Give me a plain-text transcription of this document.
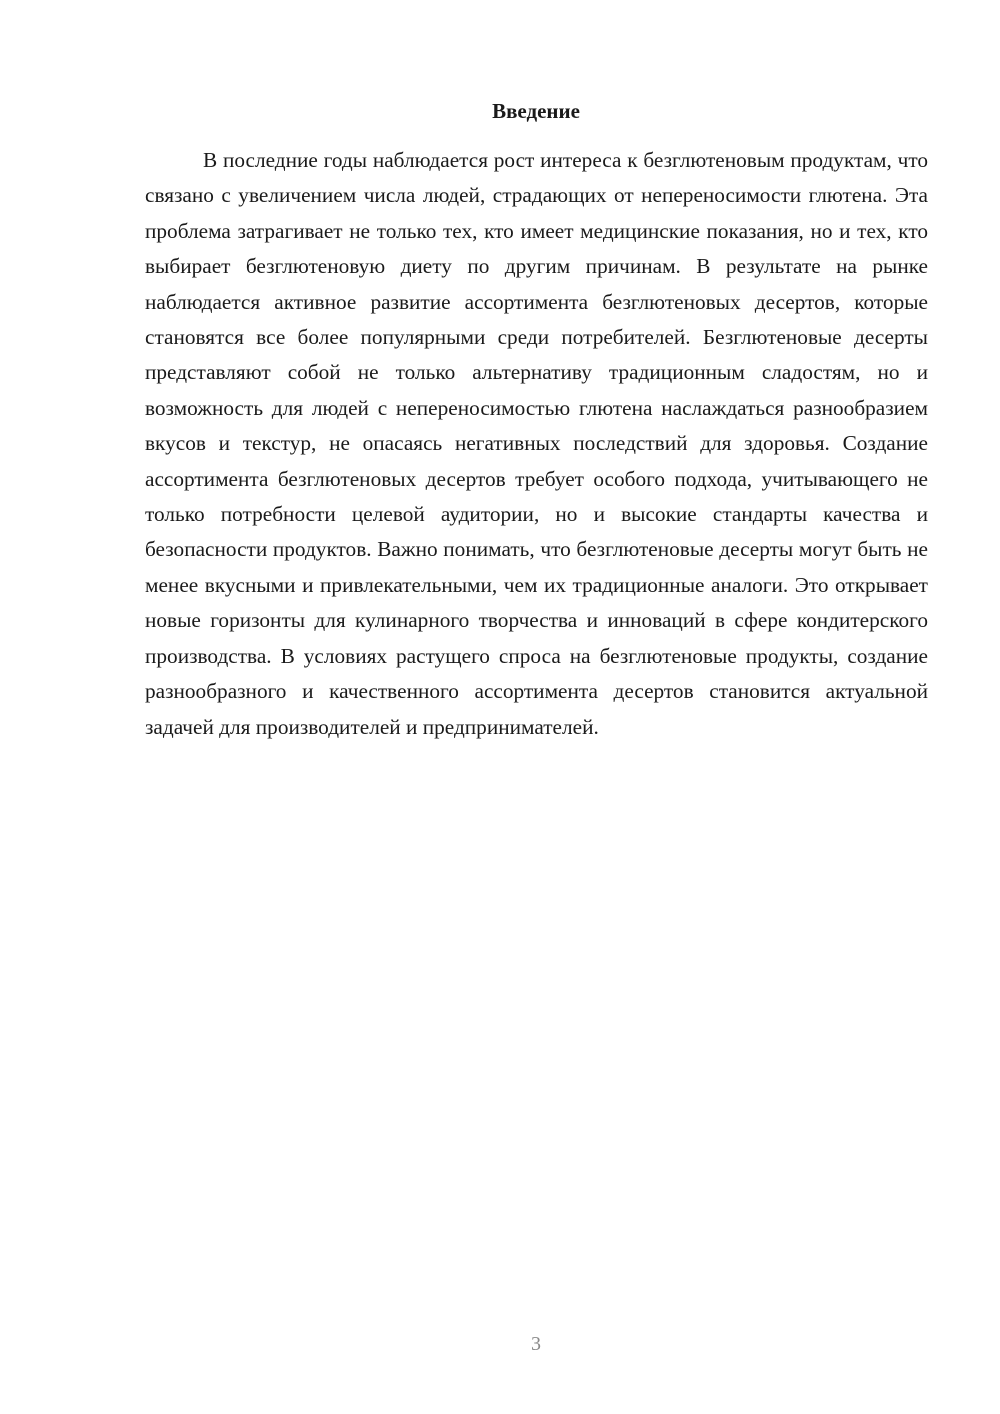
Введение

В последние годы наблюдается рост интереса к безглютеновым продуктам, что связано с увеличением числа людей, страдающих от непереносимости глютена. Эта проблема затрагивает не только тех, кто имеет медицинские показания, но и тех, кто выбирает безглютеновую диету по другим причинам. В результате на рынке наблюдается активное развитие ассортимента безглютеновых десертов, которые становятся все более популярными среди потребителей. Безглютеновые десерты представляют собой не только альтернативу традиционным сладостям, но и возможность для людей с непереносимостью глютена наслаждаться разнообразием вкусов и текстур, не опасаясь негативных последствий для здоровья. Создание ассортимента безглютеновых десертов требует особого подхода, учитывающего не только потребности целевой аудитории, но и высокие стандарты качества и безопасности продуктов. Важно понимать, что безглютеновые десерты могут быть не менее вкусными и привлекательными, чем их традиционные аналоги. Это открывает новые горизонты для кулинарного творчества и инноваций в сфере кондитерского производства. В условиях растущего спроса на безглютеновые продукты, создание разнообразного и качественного ассортимента десертов становится актуальной задачей для производителей и предпринимателей.

3
